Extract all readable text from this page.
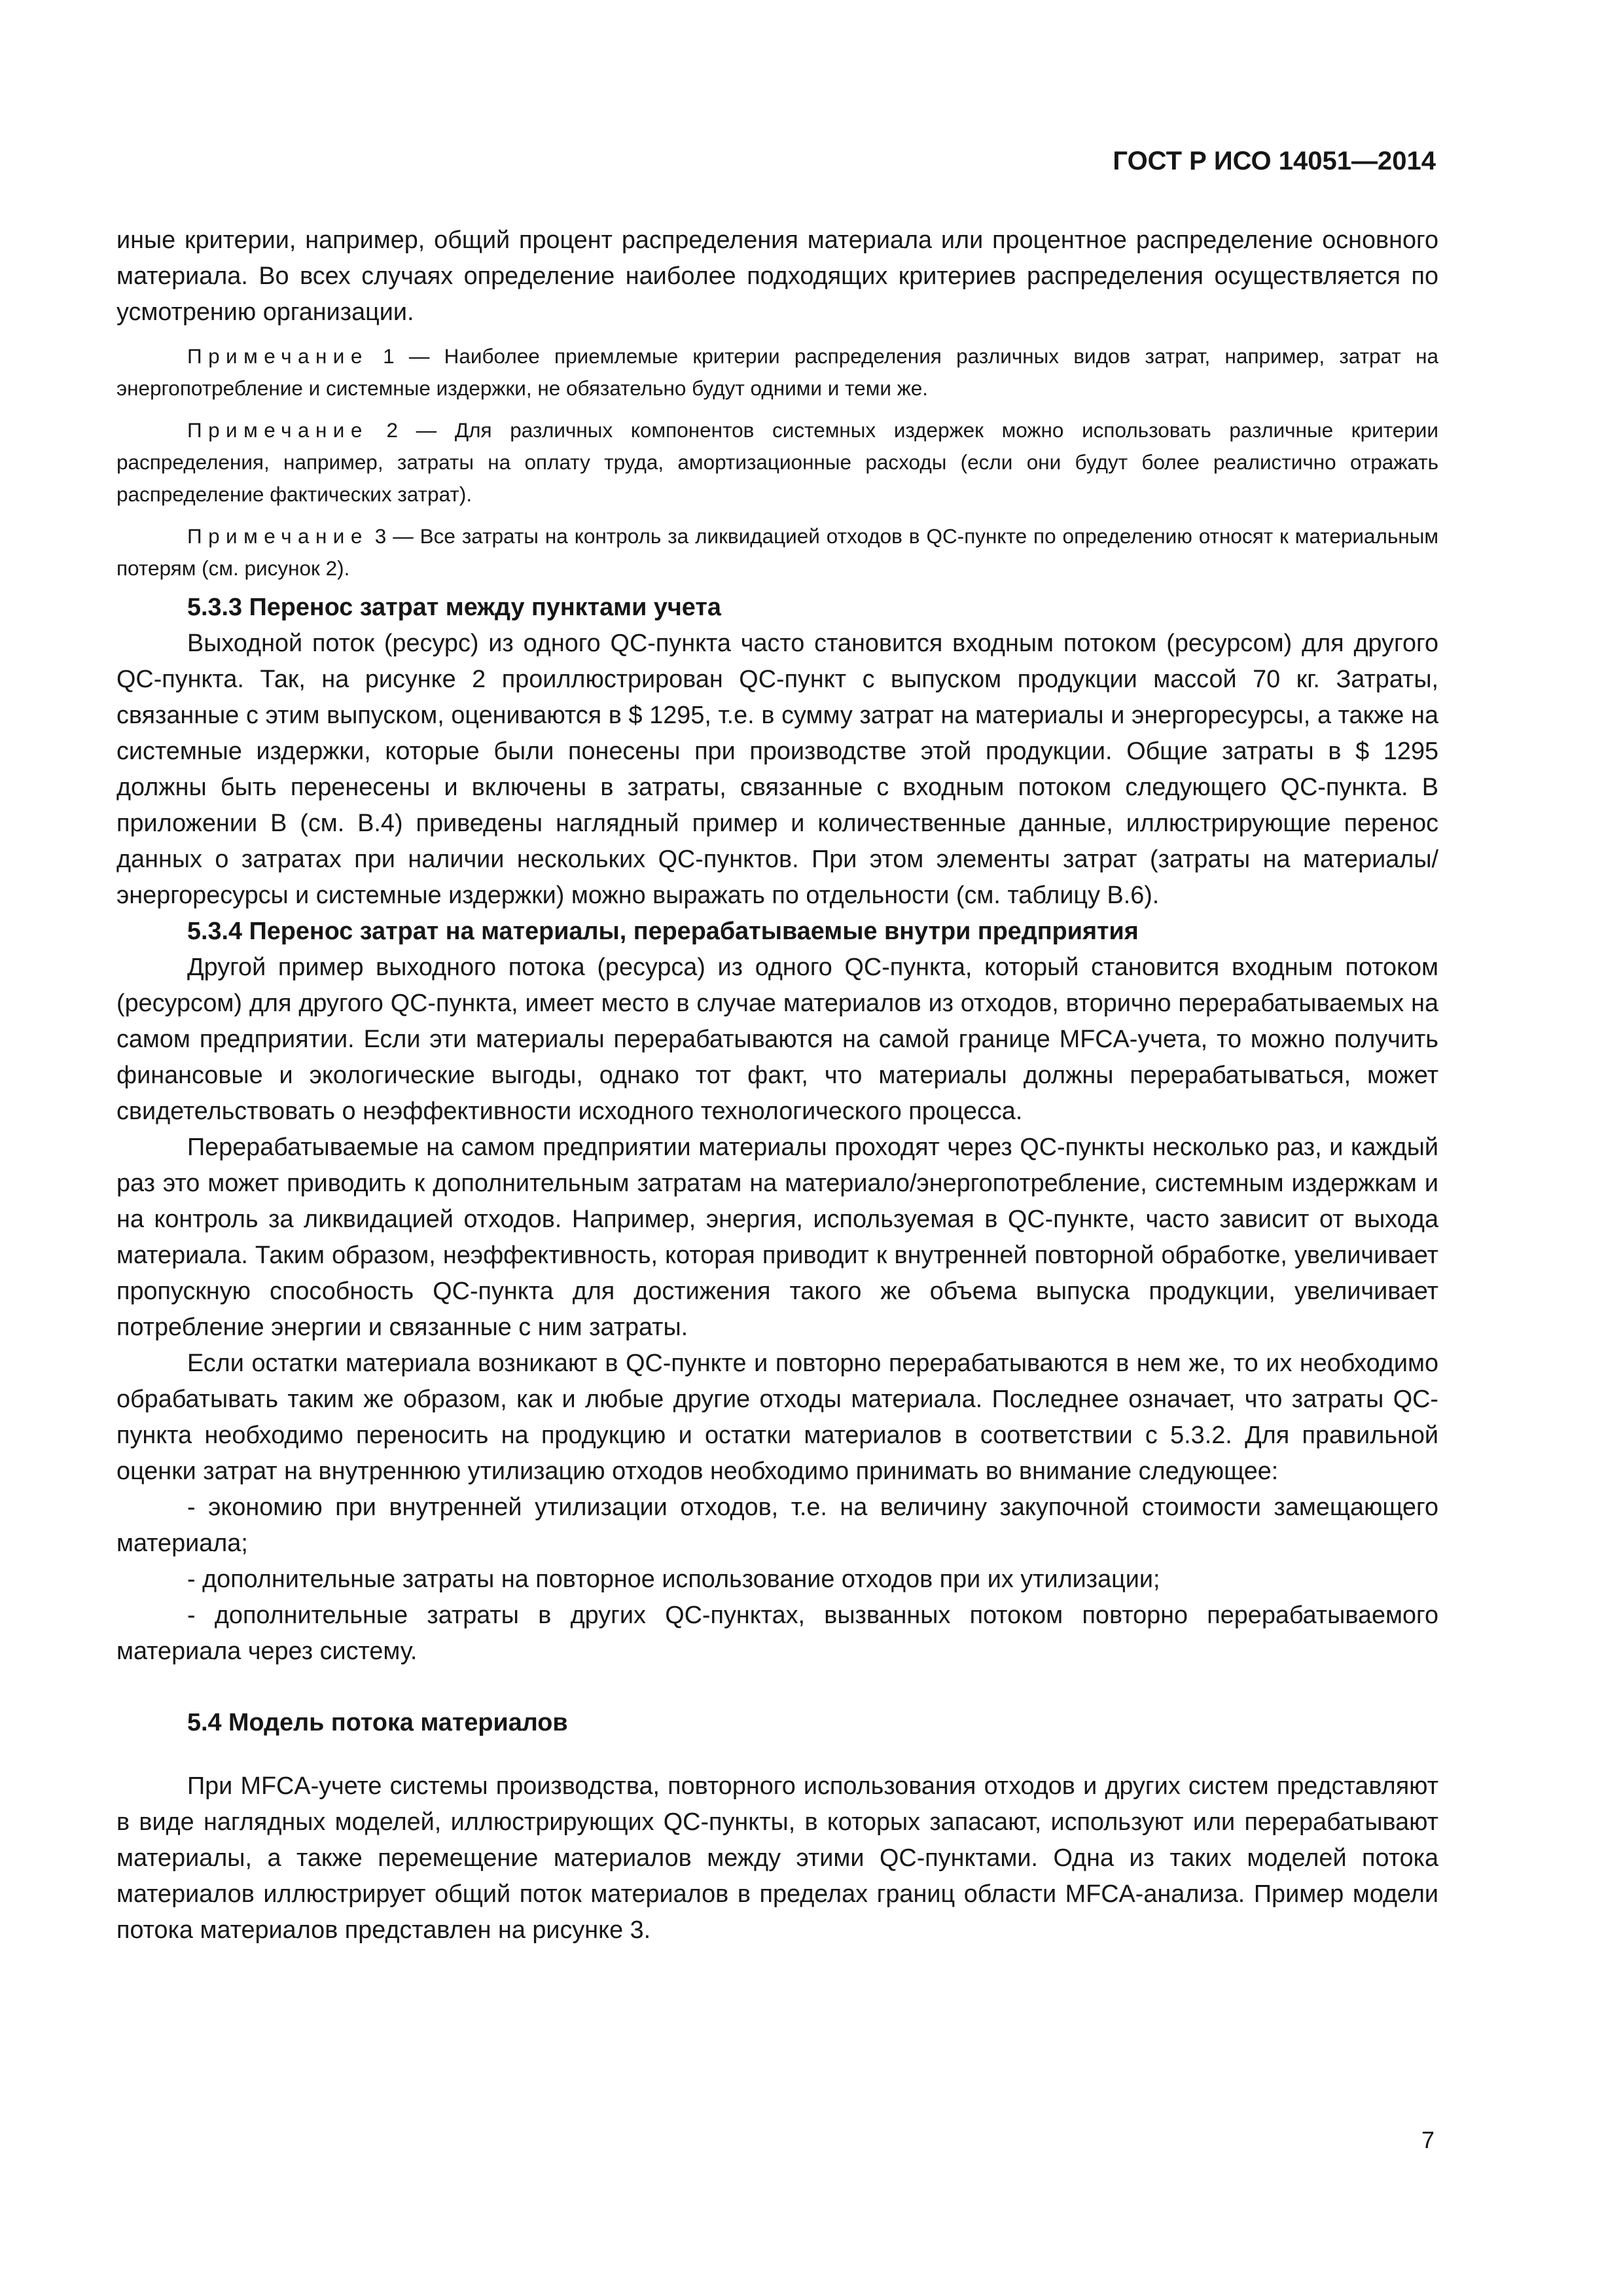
ГОСТ Р ИСО 14051—2014

иные критерии, например, общий процент распределения материала или процентное распределение основного материала. Во всех случаях определение наиболее подходящих критериев распределения осуществляется по усмотрению организации.

Примечание 1 — Наиболее приемлемые критерии распределения различных видов затрат, например, затрат на энергопотребление и системные издержки, не обязательно будут одними и теми же.

Примечание 2 — Для различных компонентов системных издержек можно использовать различные критерии распределения, например, затраты на оплату труда, амортизационные расходы (если они будут более реалистично отражать распределение фактических затрат).

Примечание 3 — Все затраты на контроль за ликвидацией отходов в QC-пункте по определению относят к материальным потерям (см. рисунок 2).

5.3.3 Перенос затрат между пунктами учета

Выходной поток (ресурс) из одного QC-пункта часто становится входным потоком (ресурсом) для другого QC-пункта. Так, на рисунке 2 проиллюстрирован QC-пункт с выпуском продукции массой 70 кг. Затраты, связанные с этим выпуском, оцениваются в $ 1295, т.е. в сумму затрат на материалы и энергоресурсы, а также на системные издержки, которые были понесены при производстве этой продукции. Общие затраты в $ 1295 должны быть перенесены и включены в затраты, связанные с входным потоком следующего QC-пункта. В приложении В (см. В.4) приведены наглядный пример и количественные данные, иллюстрирующие перенос данных о затратах при наличии нескольких QC-пунктов. При этом элементы затрат (затраты на материалы/энергоресурсы и системные издержки) можно выражать по отдельности (см. таблицу В.6).

5.3.4 Перенос затрат на материалы, перерабатываемые внутри предприятия

Другой пример выходного потока (ресурса) из одного QC-пункта, который становится входным потоком (ресурсом) для другого QC-пункта, имеет место в случае материалов из отходов, вторично перерабатываемых на самом предприятии. Если эти материалы перерабатываются на самой границе MFCA-учета, то можно получить финансовые и экологические выгоды, однако тот факт, что материалы должны перерабатываться, может свидетельствовать о неэффективности исходного технологического процесса.

Перерабатываемые на самом предприятии материалы проходят через QC-пункты несколько раз, и каждый раз это может приводить к дополнительным затратам на материало/энергопотребление, системным издержкам и на контроль за ликвидацией отходов. Например, энергия, используемая в QC-пункте, часто зависит от выхода материала. Таким образом, неэффективность, которая приводит к внутренней повторной обработке, увеличивает пропускную способность QC-пункта для достижения такого же объема выпуска продукции, увеличивает потребление энергии и связанные с ним затраты.

Если остатки материала возникают в QC-пункте и повторно перерабатываются в нем же, то их необходимо обрабатывать таким же образом, как и любые другие отходы материала. Последнее означает, что затраты QC-пункта необходимо переносить на продукцию и остатки материалов в соответствии с 5.3.2. Для правильной оценки затрат на внутреннюю утилизацию отходов необходимо принимать во внимание следующее:

- экономию при внутренней утилизации отходов, т.е. на величину закупочной стоимости замещающего материала;

- дополнительные затраты на повторное использование отходов при их утилизации;

- дополнительные затраты в других QC-пунктах, вызванных потоком повторно перерабатываемого материала через систему.

5.4 Модель потока материалов

При MFCA-учете системы производства, повторного использования отходов и других систем представляют в виде наглядных моделей, иллюстрирующих QC-пункты, в которых запасают, используют или перерабатывают материалы, а также перемещение материалов между этими QC-пунктами. Одна из таких моделей потока материалов иллюстрирует общий поток материалов в пределах границ области MFCA-анализа. Пример модели потока материалов представлен на рисунке 3.

7
